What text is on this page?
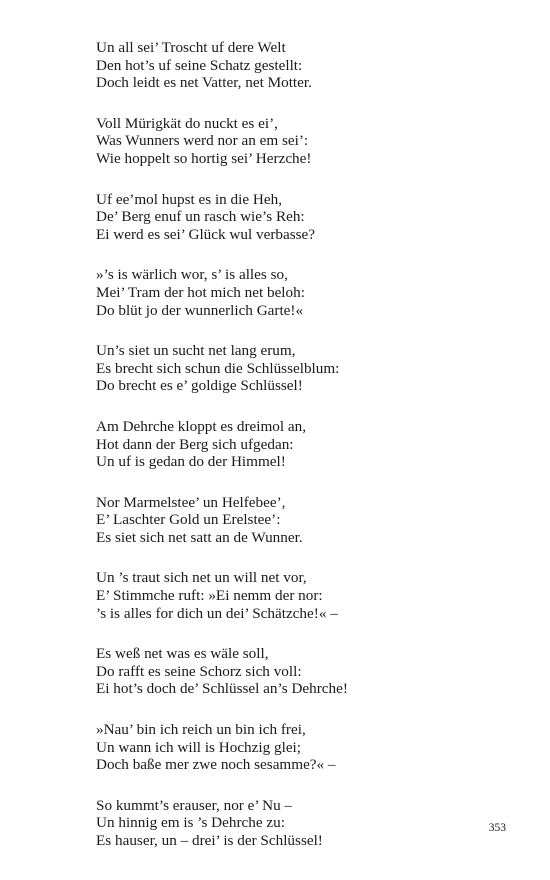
Un all sei’ Troscht uf dere Welt
Den hot’s uf seine Schatz gestellt:
Doch leidt es net Vatter, net Motter.
Voll Mürigkät do nuckt es ei’,
Was Wunners werd nor an em sei’:
Wie hoppelt so hortig sei’ Herzche!
Uf ee’mol hupst es in die Heh,
De’ Berg enuf un rasch wie’s Reh:
Ei werd es sei’ Glück wul verbasse?
»’s is wärlich wor, s’ is alles so,
Mei’ Tram der hot mich net beloh:
Do blüt jo der wunnerlich Garte!«
Un’s siet un sucht net lang erum,
Es brecht sich schun die Schlüsselblum:
Do brecht es e’ goldige Schlüssel!
Am Dehrche kloppt es dreimol an,
Hot dann der Berg sich ufgedan:
Un uf is gedan do der Himmel!
Nor Marmelstee’ un Helfebee’,
E’ Laschter Gold un Erelstee’:
Es siet sich net satt an de Wunner.
Un ’s traut sich net un will net vor,
E’ Stimmche ruft: »Ei nemm der nor:
’s is alles for dich un dei’ Schätzche!« –
Es weß net was es wäle soll,
Do rafft es seine Schorz sich voll:
Ei hot’s doch de’ Schlüssel an’s Dehrche!
»Nau’ bin ich reich un bin ich frei,
Un wann ich will is Hochzig glei;
Doch baße mer zwe noch sesamme?« –
So kummt’s erauser, nor e’ Nu –
Un hinnig em is ’s Dehrche zu:
Es hauser, un – drei’ is der Schlüssel!
353
